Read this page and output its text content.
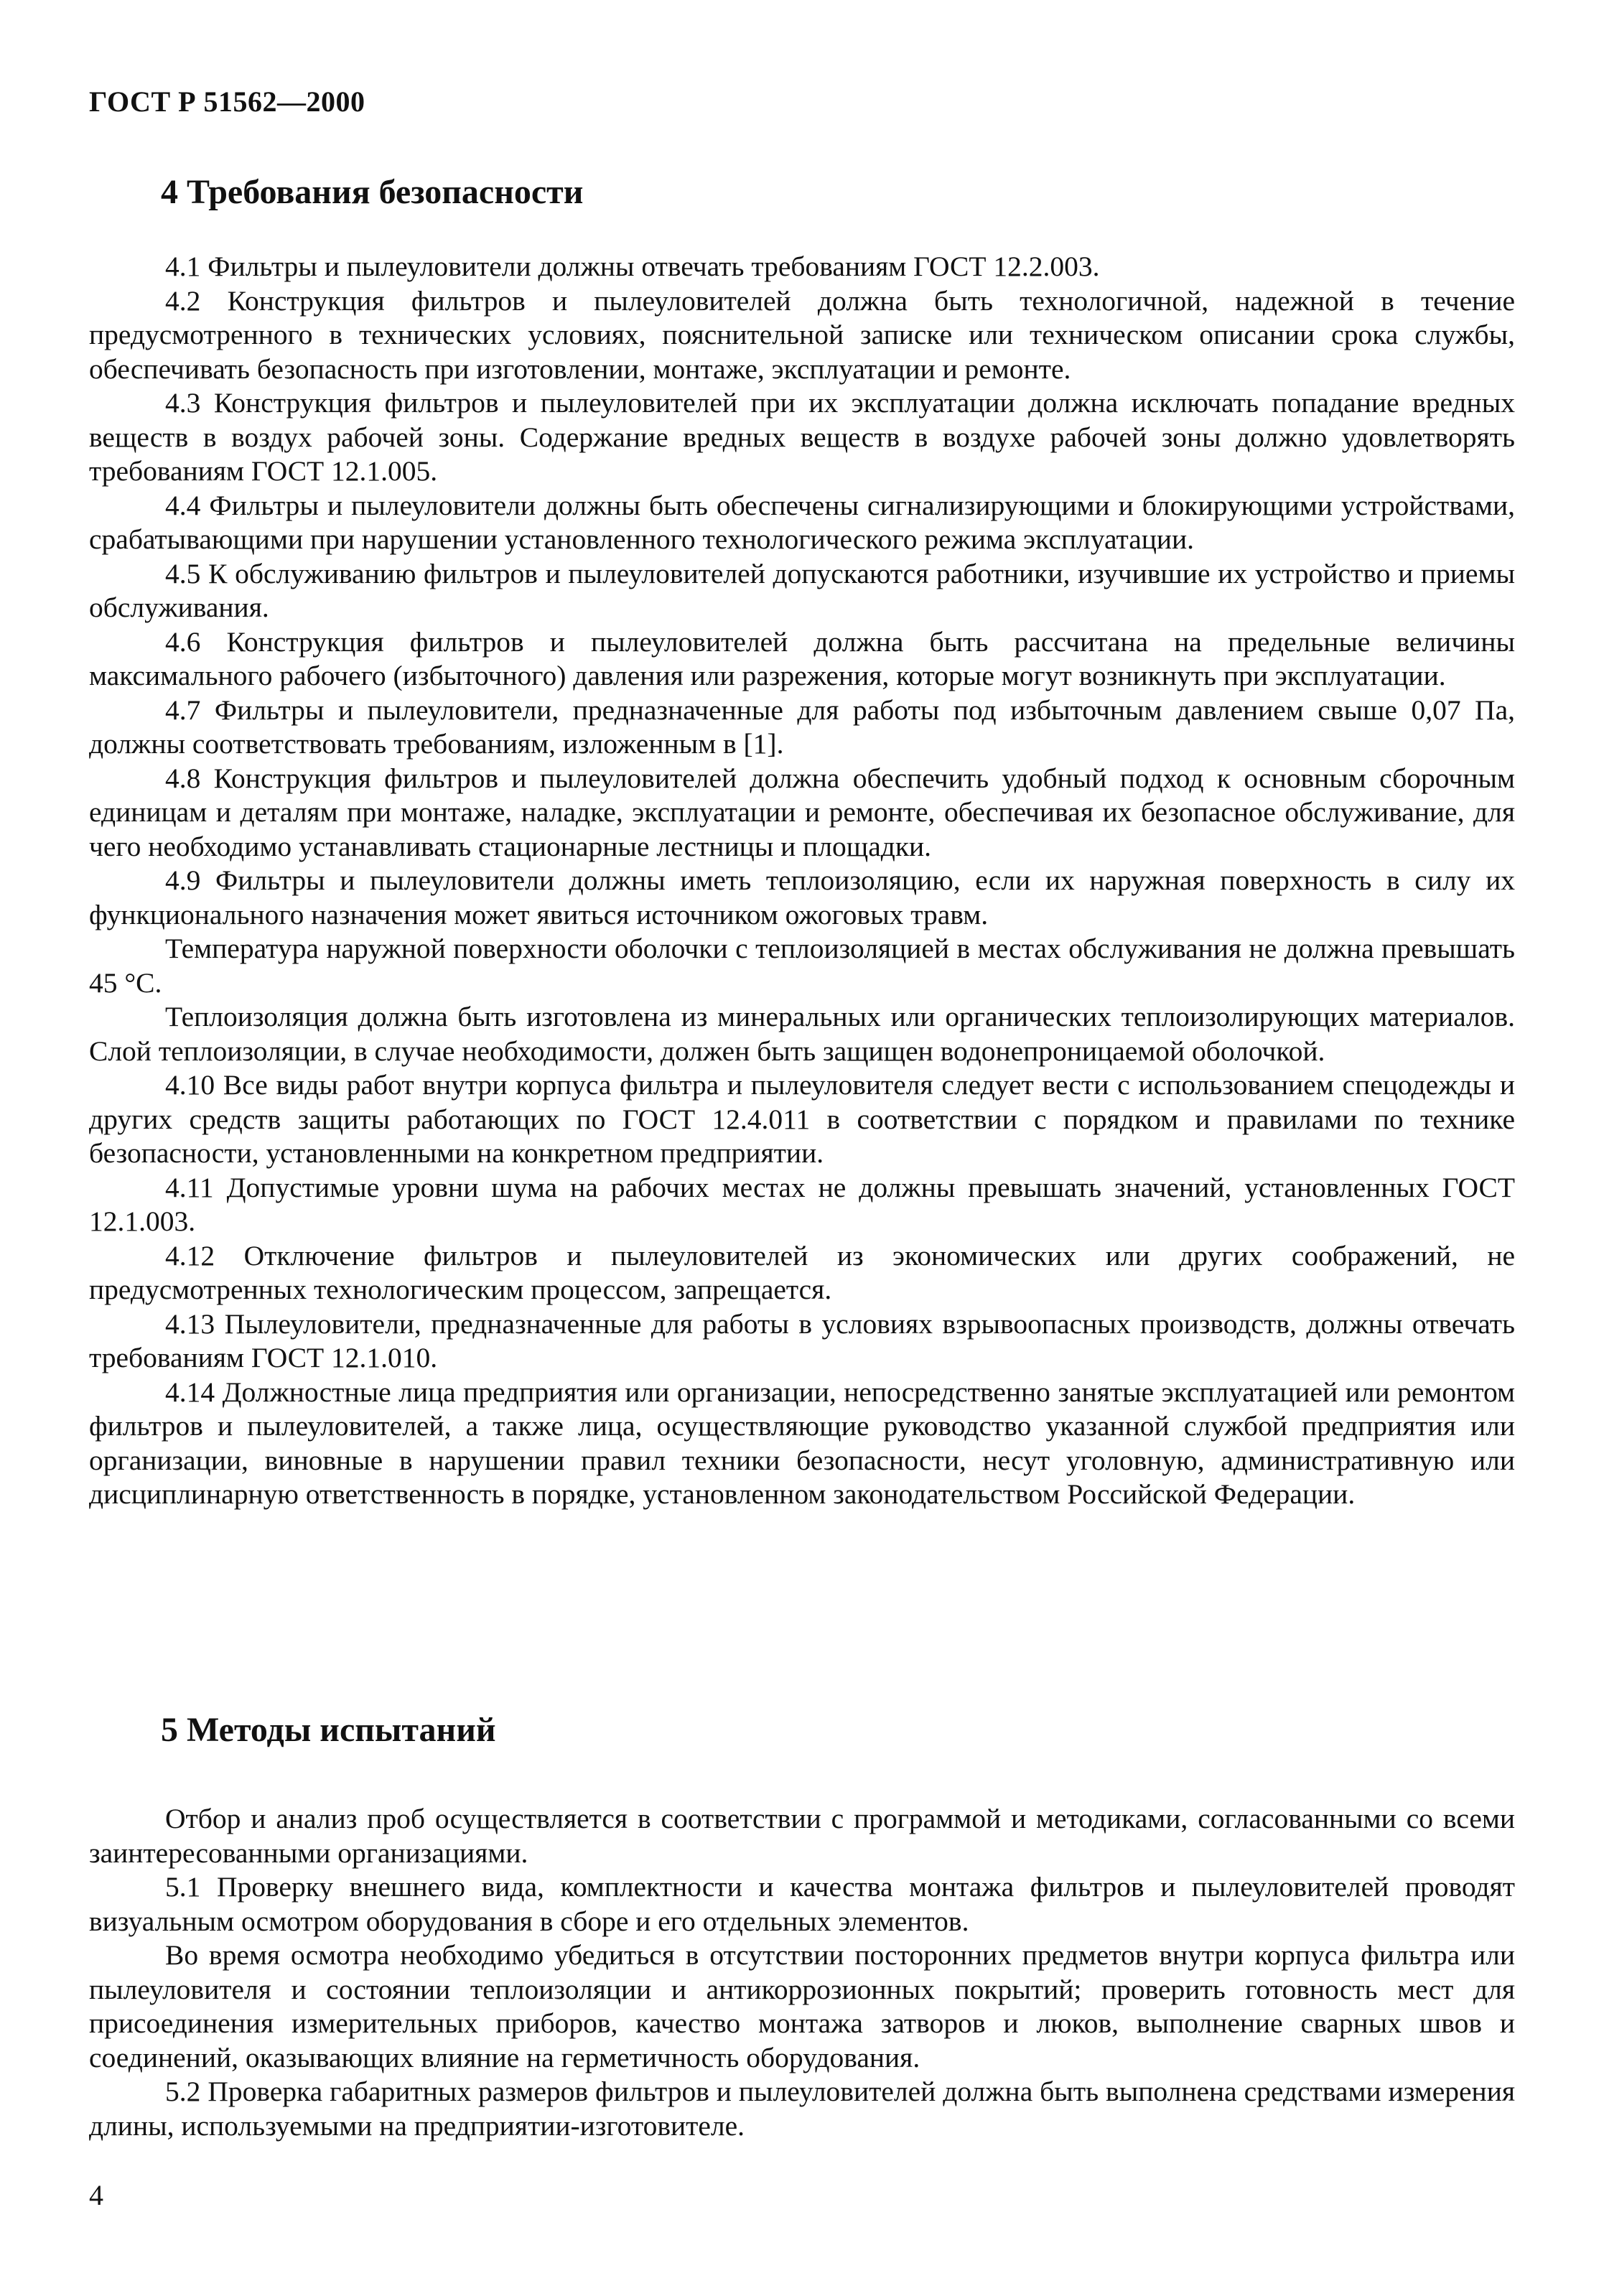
ГОСТ Р 51562—2000
4 Требования безопасности

4.1 Фильтры и пылеуловители должны отвечать требованиям ГОСТ 12.2.003.

4.2 Конструкция фильтров и пылеуловителей должна быть технологичной, надежной в течение предусмотренного в технических условиях, пояснительной записке или техническом описании срока службы, обеспечивать безопасность при изготовлении, монтаже, эксплуатации и ремонте.

4.3 Конструкция фильтров и пылеуловителей при их эксплуатации должна исключать попадание вредных веществ в воздух рабочей зоны. Содержание вредных веществ в воздухе рабочей зоны должно удовлетворять требованиям ГОСТ 12.1.005.

4.4 Фильтры и пылеуловители должны быть обеспечены сигнализирующими и блокирующими устройствами, срабатывающими при нарушении установленного технологического режима эксплуатации.

4.5 К обслуживанию фильтров и пылеуловителей допускаются работники, изучившие их устройство и приемы обслуживания.

4.6 Конструкция фильтров и пылеуловителей должна быть рассчитана на предельные величины максимального рабочего (избыточного) давления или разрежения, которые могут возникнуть при эксплуатации.

4.7 Фильтры и пылеуловители, предназначенные для работы под избыточным давлением свыше 0,07 Па, должны соответствовать требованиям, изложенным в [1].

4.8 Конструкция фильтров и пылеуловителей должна обеспечить удобный подход к основным сборочным единицам и деталям при монтаже, наладке, эксплуатации и ремонте, обеспечивая их безопасное обслуживание, для чего необходимо устанавливать стационарные лестницы и площадки.

4.9 Фильтры и пылеуловители должны иметь теплоизоляцию, если их наружная поверхность в силу их функционального назначения может явиться источником ожоговых травм.

Температура наружной поверхности оболочки с теплоизоляцией в местах обслуживания не должна превышать 45 °С.

Теплоизоляция должна быть изготовлена из минеральных или органических теплоизолирующих материалов. Слой теплоизоляции, в случае необходимости, должен быть защищен водонепроницаемой оболочкой.

4.10 Все виды работ внутри корпуса фильтра и пылеуловителя следует вести с использованием спецодежды и других средств защиты работающих по ГОСТ 12.4.011 в соответствии с порядком и правилами по технике безопасности, установленными на конкретном предприятии.

4.11 Допустимые уровни шума на рабочих местах не должны превышать значений, установленных ГОСТ 12.1.003.

4.12 Отключение фильтров и пылеуловителей из экономических или других соображений, не предусмотренных технологическим процессом, запрещается.

4.13 Пылеуловители, предназначенные для работы в условиях взрывоопасных производств, должны отвечать требованиям ГОСТ 12.1.010.

4.14 Должностные лица предприятия или организации, непосредственно занятые эксплуатацией или ремонтом фильтров и пылеуловителей, а также лица, осуществляющие руководство указанной службой предприятия или организации, виновные в нарушении правил техники безопасности, несут уголовную, административную или дисциплинарную ответственность в порядке, установленном законодательством Российской Федерации.

5 Методы испытаний

Отбор и анализ проб осуществляется в соответствии с программой и методиками, согласованными со всеми заинтересованными организациями.

5.1 Проверку внешнего вида, комплектности и качества монтажа фильтров и пылеуловителей проводят визуальным осмотром оборудования в сборе и его отдельных элементов.

Во время осмотра необходимо убедиться в отсутствии посторонних предметов внутри корпуса фильтра или пылеуловителя и состоянии теплоизоляции и антикоррозионных покрытий; проверить готовность мест для присоединения измерительных приборов, качество монтажа затворов и люков, выполнение сварных швов и соединений, оказывающих влияние на герметичность оборудования.

5.2 Проверка габаритных размеров фильтров и пылеуловителей должна быть выполнена средствами измерения длины, используемыми на предприятии-изготовителе.

4
